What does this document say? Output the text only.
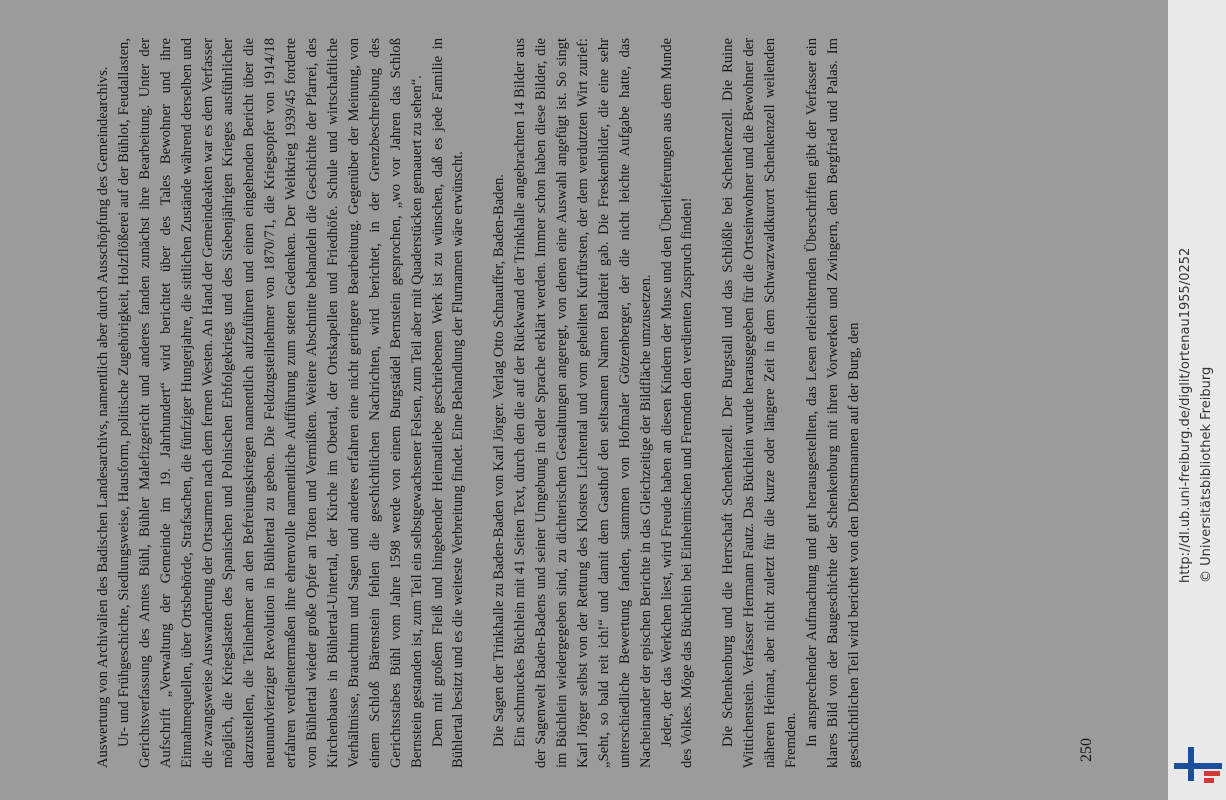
Auswertung von Archivalien des Badischen Landesarchivs, namentlich aber durch Ausschöpfung des Gemeindearchivs. Ur- und Frühgeschichte, Siedlungsweise, Hausform, politische Zugehörigkeit, Holzflößerei auf der Bühlot, Feudallasten, Gerichtsverfassung des Amtes Bühl, Bühler Malefizgericht und anderes fanden zunächst ihre Bearbeitung. Unter der Aufschrift „Verwaltung der Gemeinde im 19. Jahrhundert“ wird berichtet über des Tales Bewohner und ihre Einnahmequellen, über Ortsbehörde, Strafsachen, die fünfziger Hungerjahre, die sittlichen Zustände während derselben und die zwangsweise Auswanderung der Ortsarmen nach dem fernen Westen. An Hand der Gemeindeakten war es dem Verfasser möglich, die Kriegslasten des Spanischen und Polnischen Erbfolgekriegs und des Siebenjährigen Krieges ausführlicher darzustellen, die Teilnehmer an den Befreiungskriegen namentlich aufzuführen und einen eingehenden Bericht über die neunundvierziger Revolution in Bühlertal zu geben. Die Feldzugsteilnehmer von 1870/71, die Kriegsopfer von 1914/18 erfahren verdientermaßen ihre ehrenvolle namentliche Aufführung zum steten Gedenken. Der Weltkrieg 1939/45 forderte von Bühlertal wieder große Opfer an Toten und Vermißten. Weitere Abschnitte behandeln die Geschichte der Pfarrei, des Kirchenbaues in Bühlertal-Untertal, der Kirche im Obertal, der Ortskapellen und Friedhöfe. Schule und wirtschaftliche Verhältnisse, Brauchtum und Sagen und anderes erfahren eine nicht geringere Bearbeitung. Gegenüber der Meinung, von einem Schloß Bärenstein fehlen die geschichtlichen Nachrichten, wird berichtet, in der Grenzbeschreibung des Gerichtsstabes Bühl vom Jahre 1598 werde von einem Burgstädel Bernstein gesprochen, „wo vor Jahren das Schloß Bernstein gestanden ist, zum Teil ein selbstgewachsener Felsen, zum Teil aber mit Quaderstücken gemauert zu sehen“. Dem mit großem Fleiß und hingebender Heimatliebe geschriebenen Werk ist zu wünschen, daß es jede Familie in Bühlertal besitzt und es die weiteste Verbreitung findet. Eine Behandlung der Flurnamen wäre erwünscht. Die Sagen der Trinkhalle zu Baden-Baden von Karl Jörger. Verlag Otto Schnauffer, Baden-Baden. Ein schmuckes Büchlein mit 41 Seiten Text, durch den die auf der Rückwand der Trinkhalle angebrachten 14 Bilder aus der Sagenwelt Baden-Badens und seiner Umgebung in edler Sprache erklärt werden. Immer schon haben diese Bilder, die im Büchlein wiedergegeben sind, zu dichterischen Gestaltungen angeregt, von denen eine Auswahl angefügt ist. So singt Karl Jörger selbst von der Rettung des Klosters Lichtental und vom geheilten Kurfürsten, der dem verdutzten Wirt zurief: „Seht, so bald reit ich!“ und damit dem Gasthof den seltsamen Namen Baldreit gab. Die Freskenbilder, die eine sehr unterschiedliche Bewertung fanden, stammen von Hofmaler Götzenberger, der die nicht leichte Aufgabe hatte, das Nacheinander der epischen Berichte in das Gleichzeitige der Bildfläche umzusetzen. Jeder, der das Werkchen liest, wird Freude haben an diesen Kindern der Muse und den Überlieferungen aus dem Munde des Volkes. Möge das Büchlein bei Einheimischen und Fremden den verdienten Zuspruch finden! Die Schenkenburg und die Herrschaft Schenkenzell. Der Burgstall und das Schlößle bei Schenkenzell. Die Ruine Wittichenstein. Verfasser Hermann Fautz. Das Büchlein wurde herausgegeben für die Ortseinwohner und die Bewohner der näheren Heimat, aber nicht zuletzt für die kurze oder längere Zeit in dem Schwarzwaldkurort Schenkenzell weilenden Fremden. In ansprechender Aufmachung und gut herausgestellten, das Lesen erleichternden Überschriften gibt der Verfasser ein klares Bild von der Baugeschichte der Schenkenburg mit ihren Vorwerken und Zwingern, dem Bergfried und Palas. Im geschichtlichen Teil wird berichtet von den Dienstmannen auf der Burg, den	250
http://dl.ub.uni-freiburg.de/diglit/ortenau1955/0252 © Universitätsbibliothek Freiburg
